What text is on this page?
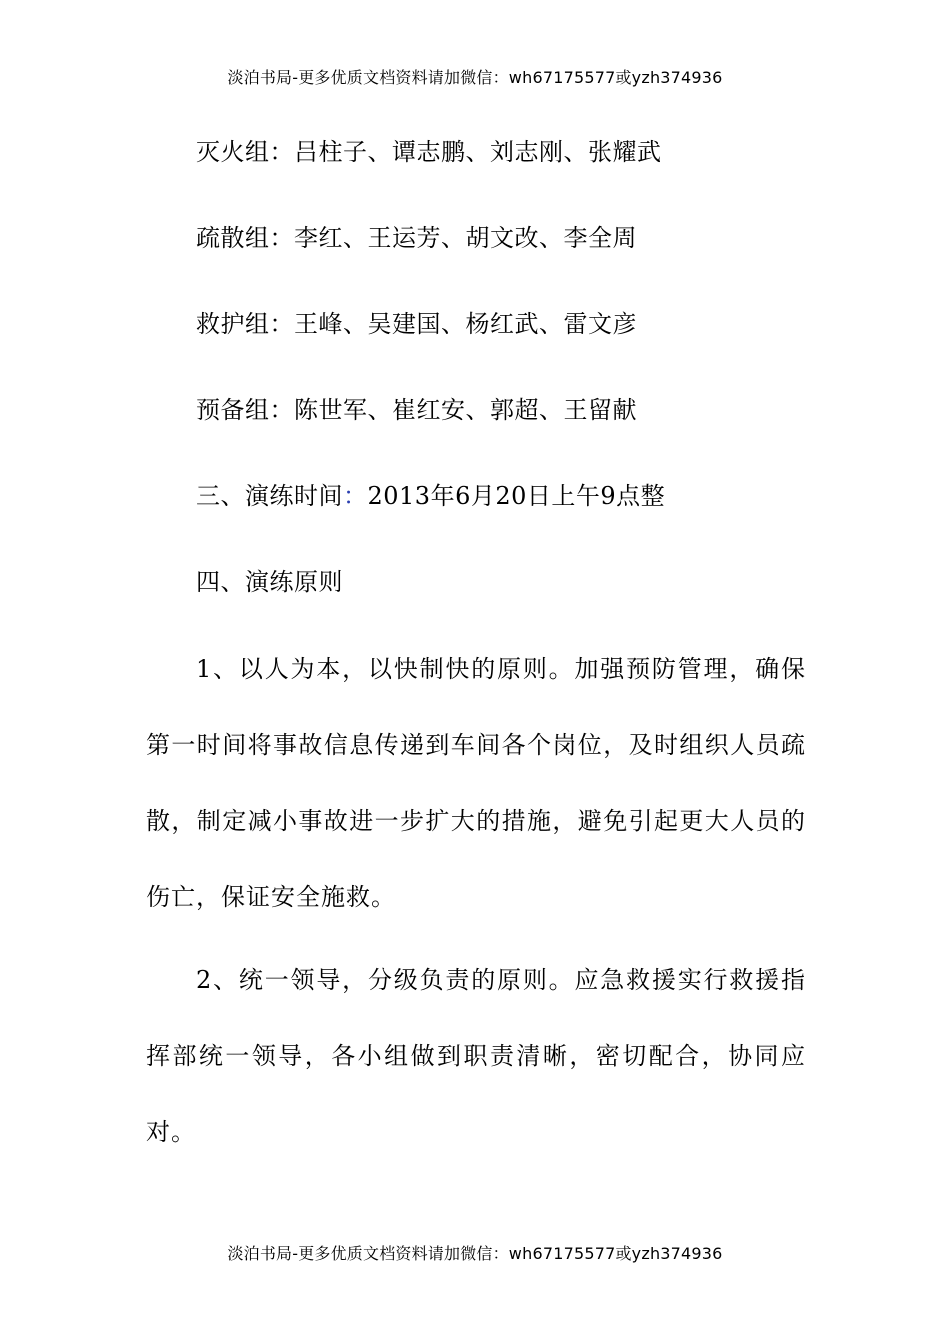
淡泊书局-更多优质文档资料请加微信：wh67175577或yzh374936
灭火组：吕柱子、谭志鹏、刘志刚、张耀武
疏散组：李红、王运芳、胡文改、李全周
救护组：王峰、吴建国、杨红武、雷文彦
预备组：陈世军、崔红安、郭超、王留献
三、演练时间：2013年6月20日上午9点整
四、演练原则

1、以人为本，以快制快的原则。加强预防管理，确保第一时间将事故信息传递到车间各个岗位，及时组织人员疏散，制定减小事故进一步扩大的措施，避免引起更大人员的伤亡，保证安全施救。

2、统一领导，分级负责的原则。应急救援实行救援指挥部统一领导，各小组做到职责清晰，密切配合，协同应对。

淡泊书局-更多优质文档资料请加微信：wh67175577或yzh374936
